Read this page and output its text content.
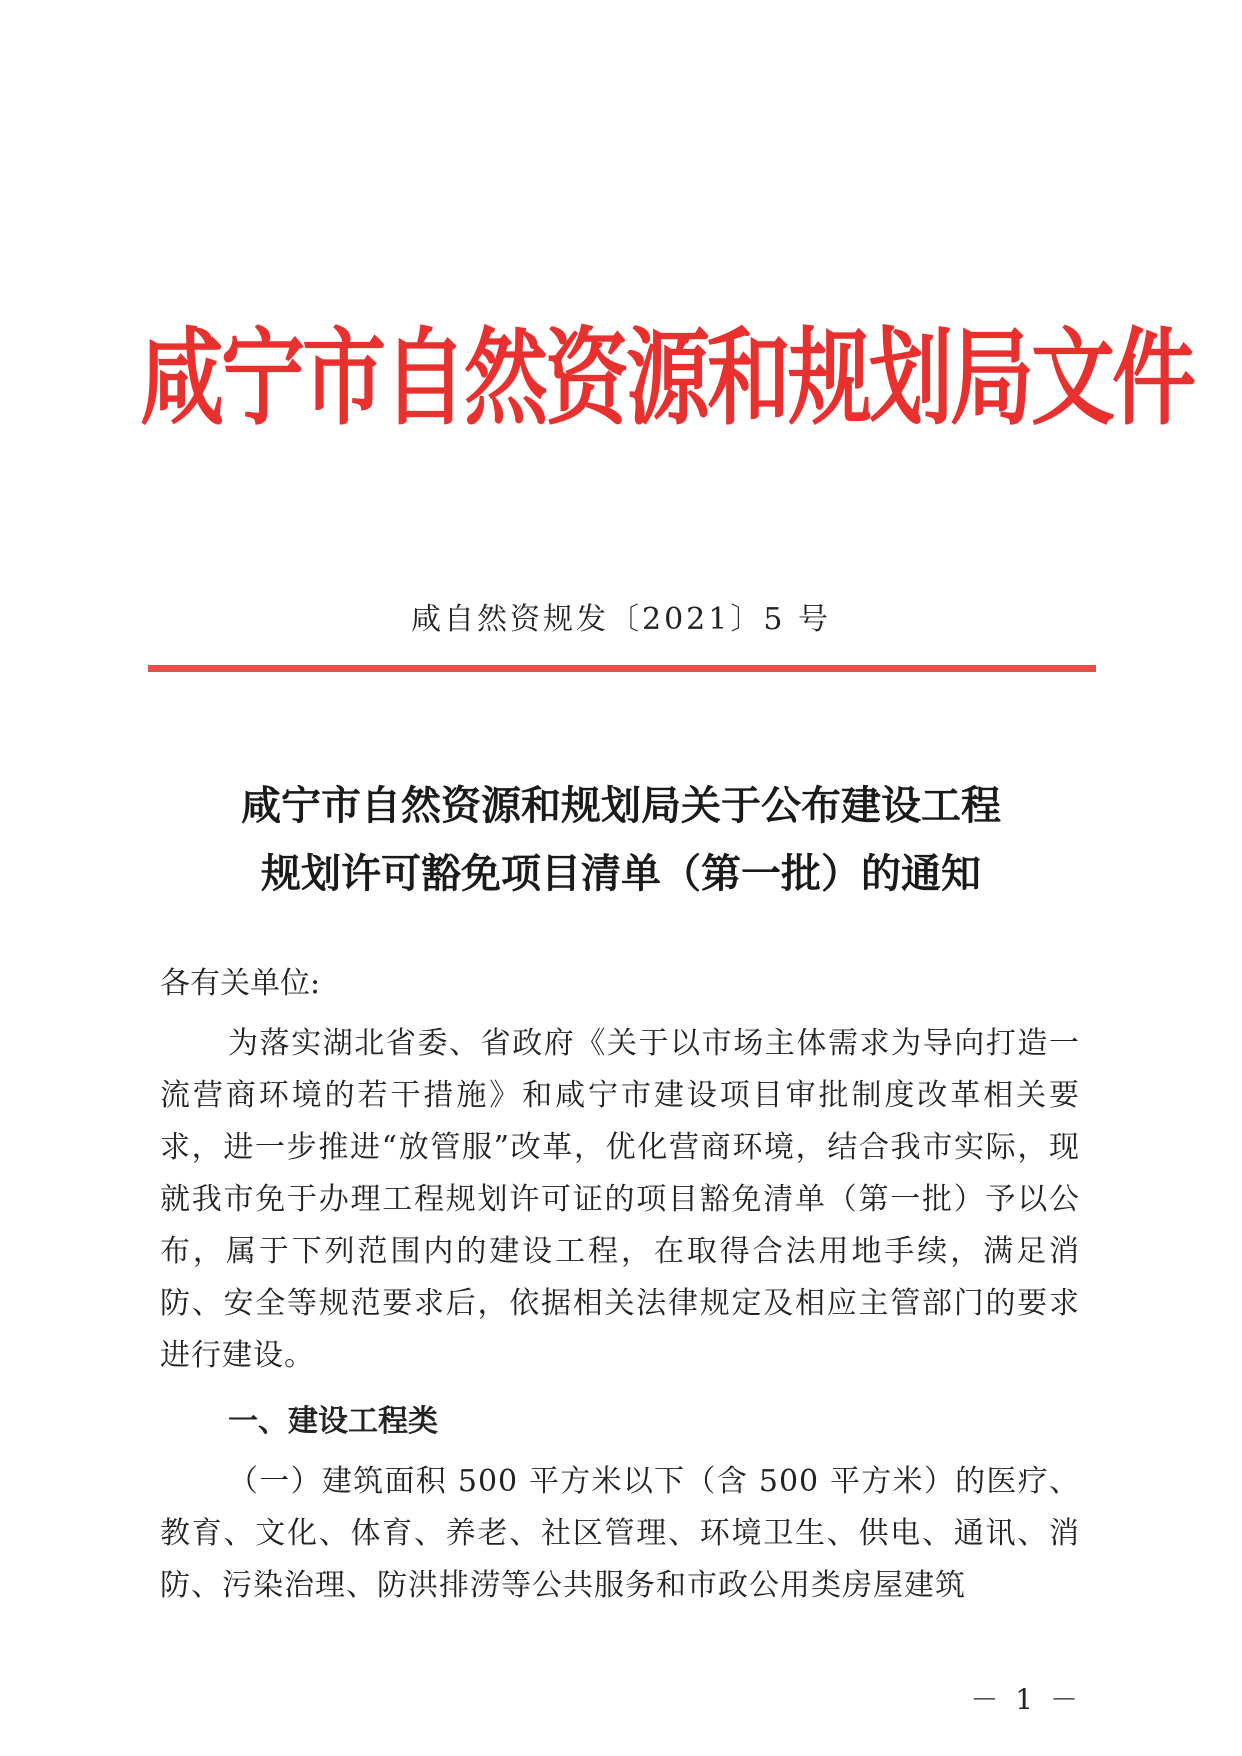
咸宁市自然资源和规划局文件
咸自然资规发〔2021〕5 号
咸宁市自然资源和规划局关于公布建设工程
规划许可豁免项目清单（第一批）的通知
各有关单位:
为落实湖北省委、省政府《关于以市场主体需求为导向打造一流营商环境的若干措施》和咸宁市建设项目审批制度改革相关要求，进一步推进“放管服”改革，优化营商环境，结合我市实际，现就我市免于办理工程规划许可证的项目豁免清单（第一批）予以公布，属于下列范围内的建设工程，在取得合法用地手续，满足消防、安全等规范要求后，依据相关法律规定及相应主管部门的要求进行建设。
一、建设工程类
（一）建筑面积 500 平方米以下（含 500 平方米）的医疗、教育、文化、体育、养老、社区管理、环境卫生、供电、通讯、消防、污染治理、防洪排涝等公共服务和市政公用类房屋建筑
－ 1 －
